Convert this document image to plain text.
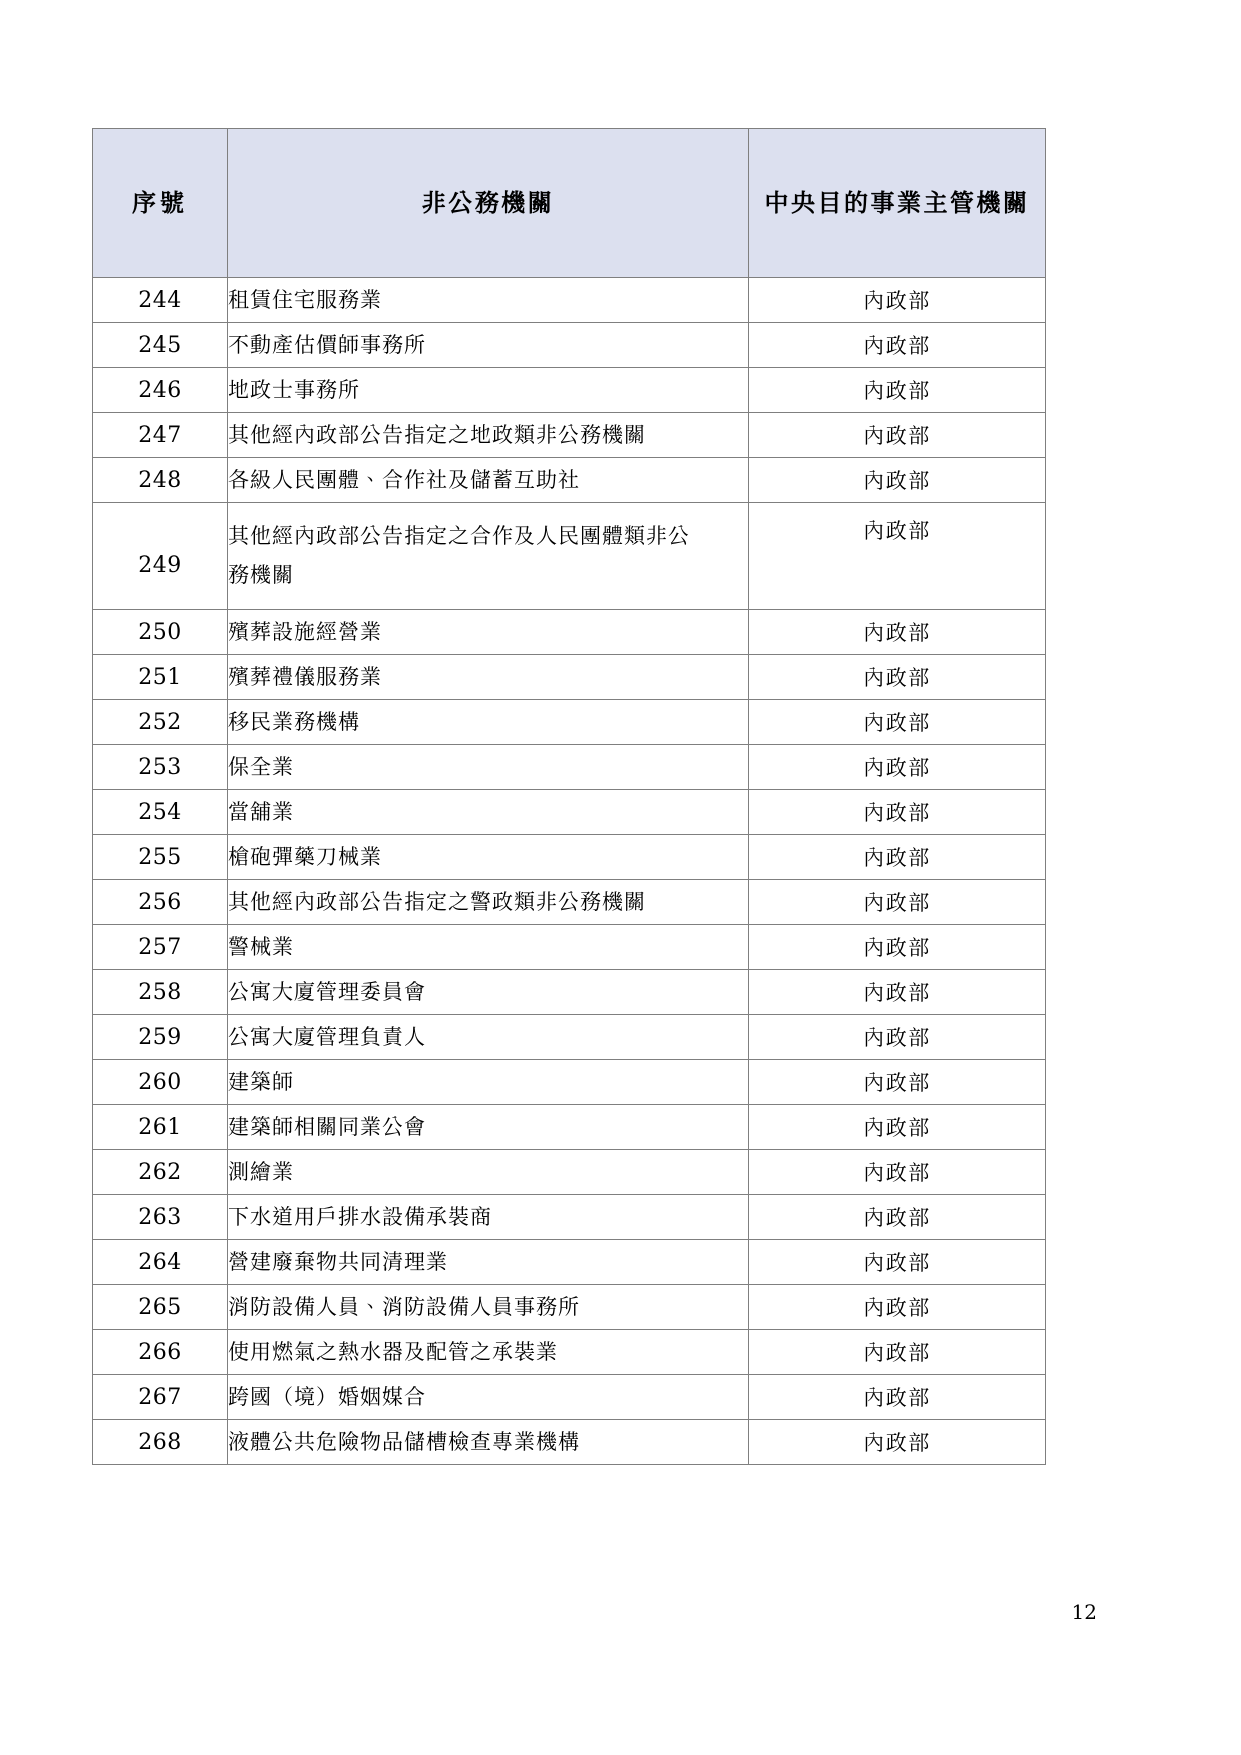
序號	非公務機關	中央目的事業主管機關
244	租賃住宅服務業	內政部
245	不動產估價師事務所	內政部
246	地政士事務所	內政部
247	其他經內政部公告指定之地政類非公務機關	內政部
248	各級人民團體、合作社及儲蓄互助社	內政部
249	其他經內政部公告指定之合作及人民團體類非公務機關	內政部
250	殯葬設施經營業	內政部
251	殯葬禮儀服務業	內政部
252	移民業務機構	內政部
253	保全業	內政部
254	當舖業	內政部
255	槍砲彈藥刀械業	內政部
256	其他經內政部公告指定之警政類非公務機關	內政部
257	警械業	內政部
258	公寓大廈管理委員會	內政部
259	公寓大廈管理負責人	內政部
260	建築師	內政部
261	建築師相關同業公會	內政部
262	測繪業	內政部
263	下水道用戶排水設備承裝商	內政部
264	營建廢棄物共同清理業	內政部
265	消防設備人員、消防設備人員事務所	內政部
266	使用燃氣之熱水器及配管之承裝業	內政部
267	跨國（境）婚姻媒合	內政部
268	液體公共危險物品儲槽檢查專業機構	內政部
12
